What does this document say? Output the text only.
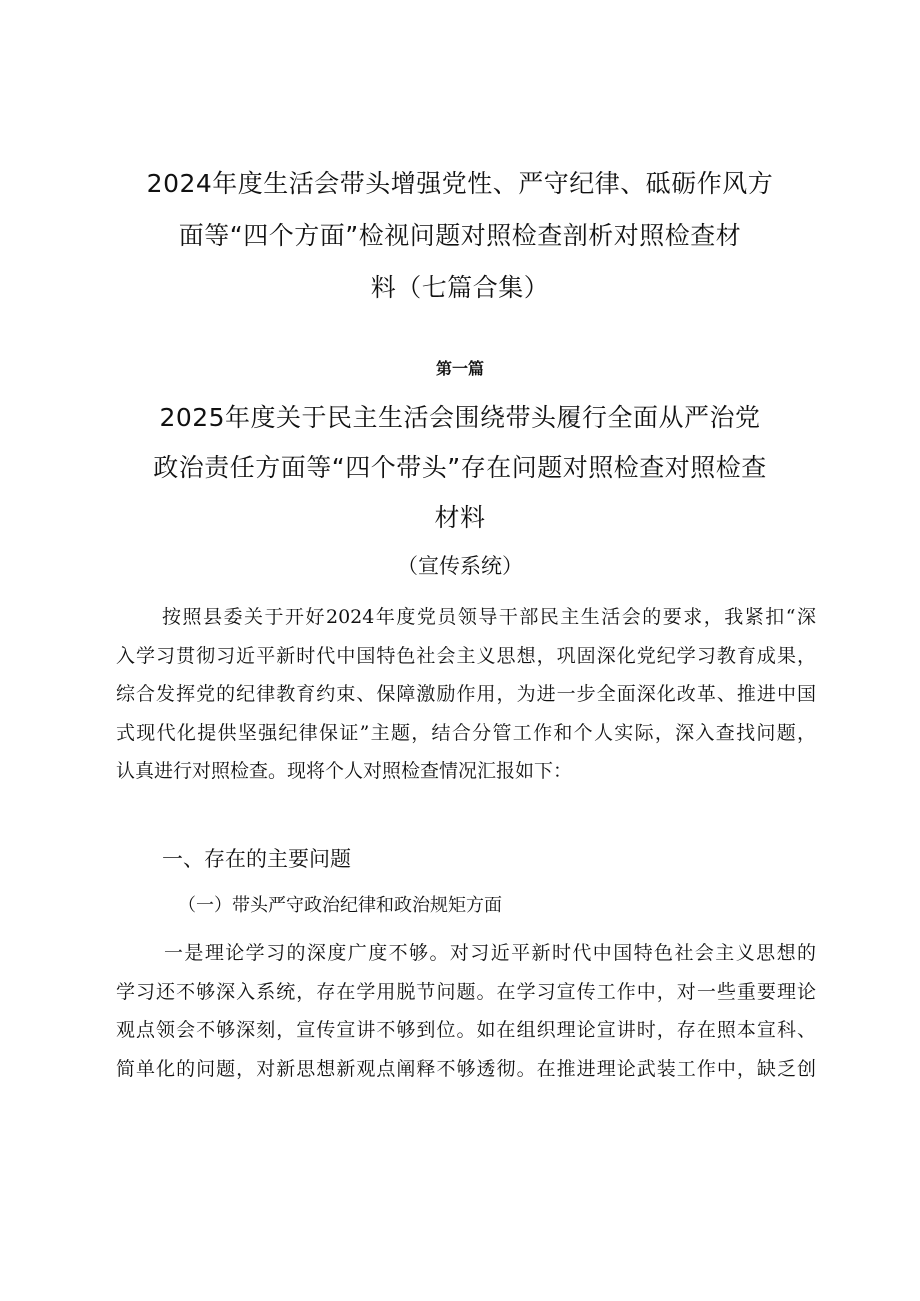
2024年度生活会带头增强党性、严守纪律、砥砺作风方
面等“四个方面”检视问题对照检查剖析对照检查材
料（七篇合集）
第一篇
2025年度关于民主生活会围绕带头履行全面从严治党
政治责任方面等“四个带头”存在问题对照检查对照检查
材料
（宣传系统）
按照县委关于开好2024年度党员领导干部民主生活会的要求，我紧扣“深
入学习贯彻习近平新时代中国特色社会主义思想，巩固深化党纪学习教育成果，
综合发挥党的纪律教育约束、保障激励作用，为进一步全面深化改革、推进中国
式现代化提供坚强纪律保证”主题，结合分管工作和个人实际，深入查找问题，
认真进行对照检查。现将个人对照检查情况汇报如下：
一、存在的主要问题
（一）带头严守政治纪律和政治规矩方面
一是理论学习的深度广度不够。对习近平新时代中国特色社会主义思想的
学习还不够深入系统，存在学用脱节问题。在学习宣传工作中，对一些重要理论
观点领会不够深刻，宣传宣讲不够到位。如在组织理论宣讲时，存在照本宣科、
简单化的问题，对新思想新观点阐释不够透彻。在推进理论武装工作中，缺乏创
